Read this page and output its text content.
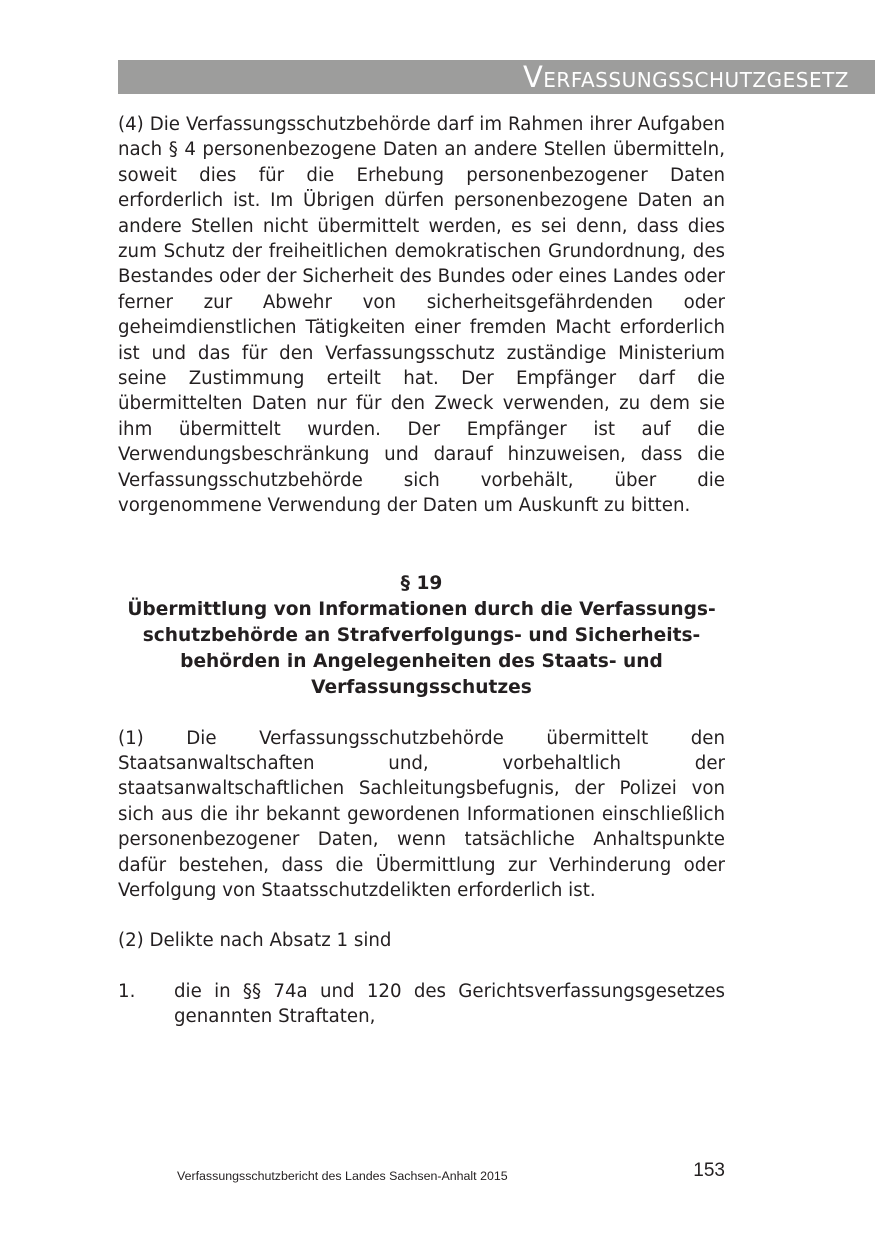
Verfassungsschutzgesetz

(4) Die Verfassungsschutzbehörde darf im Rahmen ihrer Aufgaben nach § 4 personenbezogene Daten an andere Stellen übermitteln, soweit dies für die Erhebung personenbezogener Daten erforderlich ist. Im Übrigen dürfen personenbezogene Daten an andere Stellen nicht übermittelt werden, es sei denn, dass dies zum Schutz der freiheitlichen demokratischen Grundordnung, des Bestandes oder der Sicherheit des Bundes oder eines Landes oder ferner zur Abwehr von sicherheitsgefährdenden oder geheimdienstlichen Tätigkeiten einer fremden Macht erforderlich ist und das für den Verfassungsschutz zuständige Ministerium seine Zustimmung erteilt hat. Der Empfänger darf die übermittelten Daten nur für den Zweck verwenden, zu dem sie ihm übermittelt wurden. Der Empfänger ist auf die Verwendungsbeschränkung und darauf hinzuweisen, dass die Verfassungsschutzbehörde sich vorbehält, über die vorgenommene Verwendung der Daten um Auskunft zu bitten.

§ 19

Übermittlung von Informationen durch die Verfassungs-

schutzbehörde an Strafverfolgungs- und Sicherheits-

behörden in Angelegenheiten des Staats- und

Verfassungsschutzes

(1) Die Verfassungsschutzbehörde übermittelt den Staatsanwaltschaften und, vorbehaltlich der staatsanwaltschaftlichen Sachleitungsbefugnis, der Polizei von sich aus die ihr bekannt gewordenen Informationen einschließlich personenbezogener Daten, wenn tatsächliche Anhaltspunkte dafür bestehen, dass die Übermittlung zur Verhinderung oder Verfolgung von Staatsschutzdelikten erforderlich ist.

(2) Delikte nach Absatz 1 sind

1.	die in §§ 74a und 120 des Gerichtsverfassungsgesetzes genannten Straftaten,
Verfassungsschutzbericht des Landes Sachsen-Anhalt 2015	153
